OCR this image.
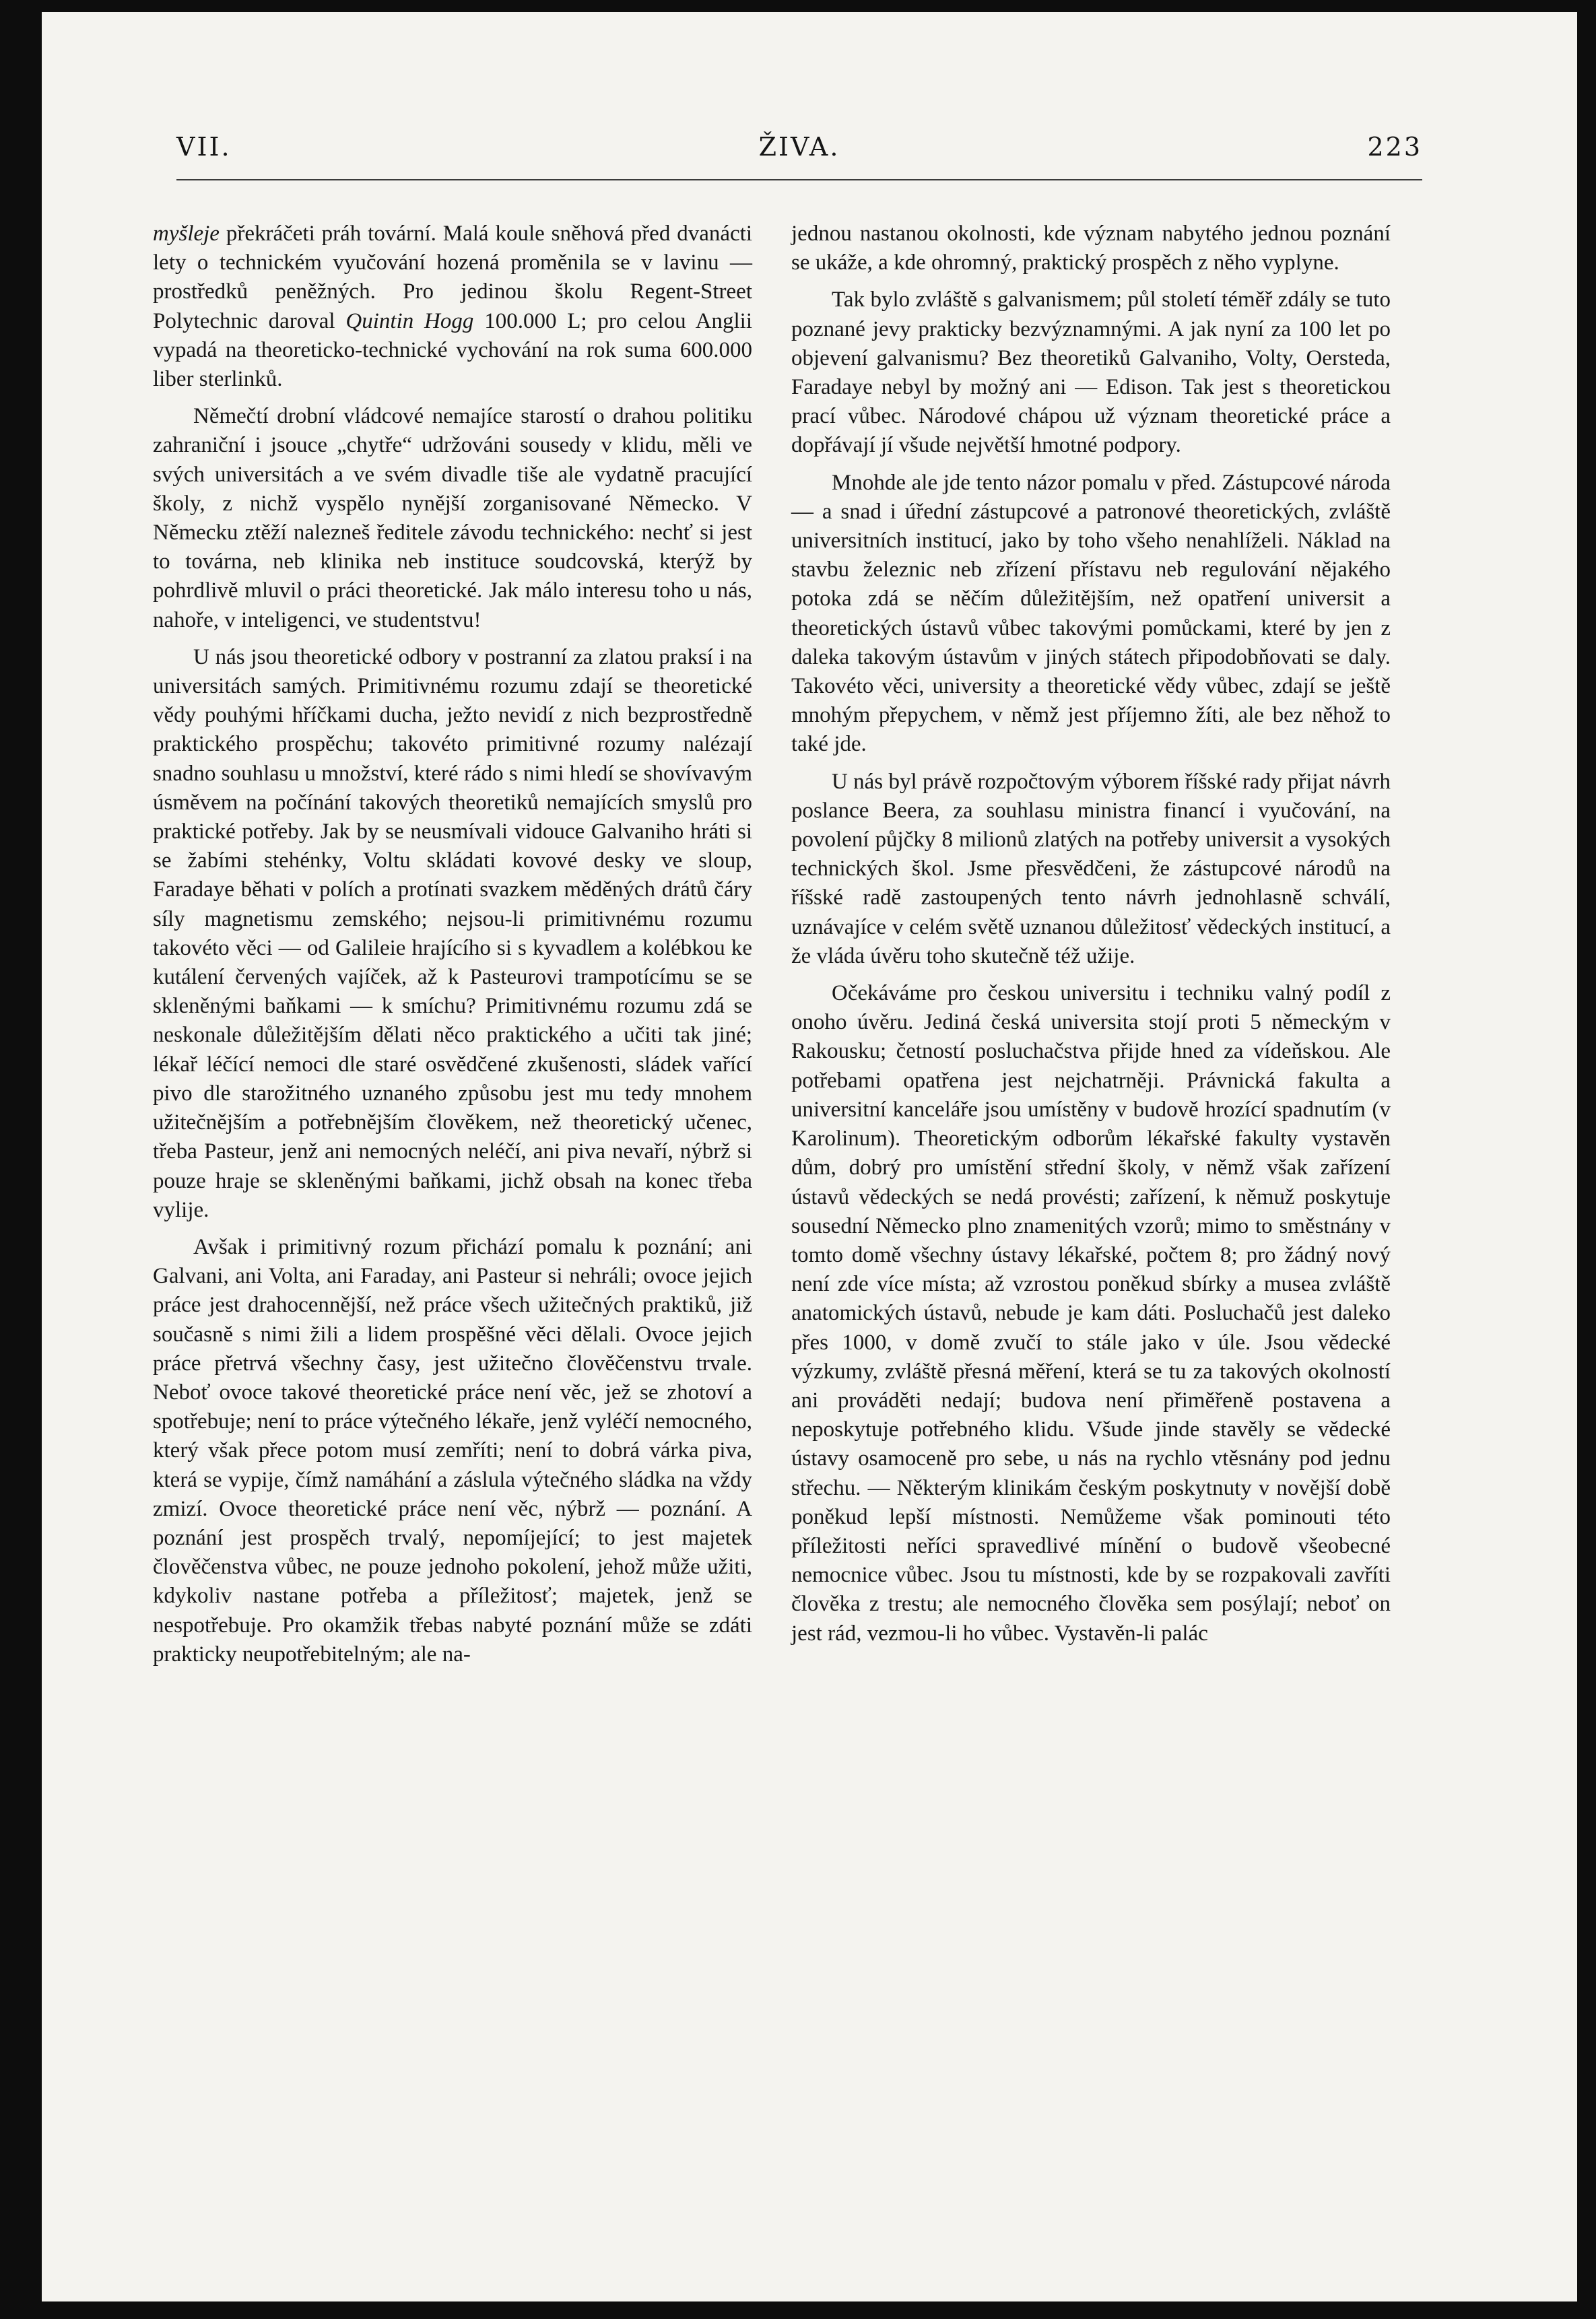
VII.	ŽIVA.	223

myšleje překráčeti práh tovární. Malá koule sněhová před dvanácti lety o technickém vyučování hozená proměnila se v lavinu — prostředků peněžných. Pro jedinou školu Regent-Street Polytechnic daroval Quintin Hogg 100.000 L; pro celou Anglii vypadá na theoreticko-technické vychování na rok suma 600.000 liber sterlinků.

Němečtí drobní vládcové nemajíce starostí o drahou politiku zahraniční i jsouce „chytře“ udržováni sousedy v klidu, měli ve svých universitách a ve svém divadle tiše ale vydatně pracující školy, z nichž vyspělo nynější zorganisované Německo. V Německu ztěží nalezneš ředitele závodu technického: nechť si jest to továrna, neb klinika neb instituce soudcovská, kterýž by pohrdlivě mluvil o práci theoretické. Jak málo interesu toho u nás, nahoře, v inteligenci, ve studentstvu!

U nás jsou theoretické odbory v postranní za zlatou praksí i na universitách samých. Primitivnému rozumu zdají se theoretické vědy pouhými hříčkami ducha, ježto nevidí z nich bezprostředně praktického prospěchu; takovéto primitivné rozumy nalézají snadno souhlasu u množství, které rádo s nimi hledí se shovívavým úsměvem na počínání takových theoretiků nemajících smyslů pro praktické potřeby. Jak by se neusmívali vidouce Galvaniho hráti si se žabími stehénky, Voltu skládati kovové desky ve sloup, Faradaye běhati v polích a protínati svazkem měděných drátů čáry síly magnetismu zemského; nejsou-li primitivnému rozumu takovéto věci — od Galileie hrajícího si s kyvadlem a kolébkou ke kutálení červených vajíček, až k Pasteurovi trampotícímu se se skleněnými baňkami — k smíchu? Primitivnému rozumu zdá se neskonale důležitějším dělati něco praktického a učiti tak jiné; lékař léčící nemoci dle staré osvědčené zkušenosti, sládek vařící pivo dle starožitného uznaného způsobu jest mu tedy mnohem užitečnějším a potřebnějším člověkem, než theoretický učenec, třeba Pasteur, jenž ani nemocných neléčí, ani piva nevaří, nýbrž si pouze hraje se skleněnými baňkami, jichž obsah na konec třeba vylije.

Avšak i primitivný rozum přichází pomalu k poznání; ani Galvani, ani Volta, ani Faraday, ani Pasteur si nehráli; ovoce jejich práce jest drahocennější, než práce všech užitečných praktiků, již současně s nimi žili a lidem prospěšné věci dělali. Ovoce jejich práce přetrvá všechny časy, jest užitečno člověčenstvu trvale. Neboť ovoce takové theoretické práce není věc, jež se zhotoví a spotřebuje; není to práce výtečného lékaře, jenž vyléčí nemocného, který však přece potom musí zemříti; není to dobrá várka piva, která se vypije, čímž namáhání a záslula výtečného sládka na vždy zmizí. Ovoce theoretické práce není věc, nýbrž — poznání. A poznání jest prospěch trvalý, nepomíjející; to jest majetek člověčenstva vůbec, ne pouze jednoho pokolení, jehož může užiti, kdykoliv nastane potřeba a příležitosť; majetek, jenž se nespotřebuje. Pro okamžik třebas nabyté poznání může se zdáti prakticky neupotřebitelným; ale na-

jednou nastanou okolnosti, kde význam nabytého jednou poznání se ukáže, a kde ohromný, praktický prospěch z něho vyplyne.

Tak bylo zvláště s galvanismem; půl století téměř zdály se tuto poznané jevy prakticky bezvýznamnými. A jak nyní za 100 let po objevení galvanismu? Bez theoretiků Galvaniho, Volty, Oersteda, Faradaye nebyl by možný ani — Edison. Tak jest s theoretickou prací vůbec. Národové chápou už význam theoretické práce a dopřávají jí všude největší hmotné podpory.

Mnohde ale jde tento názor pomalu v před. Zástupcové národa — a snad i úřední zástupcové a patronové theoretických, zvláště universitních institucí, jako by toho všeho nenahlíželi. Náklad na stavbu železnic neb zřízení přístavu neb regulování nějakého potoka zdá se něčím důležitějším, než opatření universit a theoretických ústavů vůbec takovými pomůckami, které by jen z daleka takovým ústavům v jiných státech připodobňovati se daly. Takovéto věci, university a theoretické vědy vůbec, zdají se ještě mnohým přepychem, v němž jest příjemno žíti, ale bez něhož to také jde.

U nás byl právě rozpočtovým výborem říšské rady přijat návrh poslance Beera, za souhlasu ministra financí i vyučování, na povolení půjčky 8 milionů zlatých na potřeby universit a vysokých technických škol. Jsme přesvědčeni, že zástupcové národů na říšské radě zastoupených tento návrh jednohlasně schválí, uznávajíce v celém světě uznanou důležitosť vědeckých institucí, a že vláda úvěru toho skutečně též užije.

Očekáváme pro českou universitu i techniku valný podíl z onoho úvěru. Jediná česká universita stojí proti 5 německým v Rakousku; četností posluchačstva přijde hned za vídeňskou. Ale potřebami opatřena jest nejchatrněji. Právnická fakulta a universitní kanceláře jsou umístěny v budově hrozící spadnutím (v Karolinum). Theoretickým odborům lékařské fakulty vystavěn dům, dobrý pro umístění střední školy, v němž však zařízení ústavů vědeckých se nedá provésti; zařízení, k němuž poskytuje sousední Německo plno znamenitých vzorů; mimo to směstnány v tomto domě všechny ústavy lékařské, počtem 8; pro žádný nový není zde více místa; až vzrostou poněkud sbírky a musea zvláště anatomických ústavů, nebude je kam dáti. Posluchačů jest daleko přes 1000, v domě zvučí to stále jako v úle. Jsou vědecké výzkumy, zvláště přesná měření, která se tu za takových okolností ani prováděti nedají; budova není přiměřeně postavena a neposkytuje potřebného klidu. Všude jinde stavěly se vědecké ústavy osamoceně pro sebe, u nás na rychlo vtěsnány pod jednu střechu. — Některým klinikám českým poskytnuty v novější době poněkud lepší místnosti. Nemůžeme však pominouti této příležitosti neříci spravedlivé mínění o budově všeobecné nemocnice vůbec. Jsou tu místnosti, kde by se rozpakovali zavříti člověka z trestu; ale nemocného člověka sem posýlají; neboť on jest rád, vezmou-li ho vůbec. Vystavěn-li palác
